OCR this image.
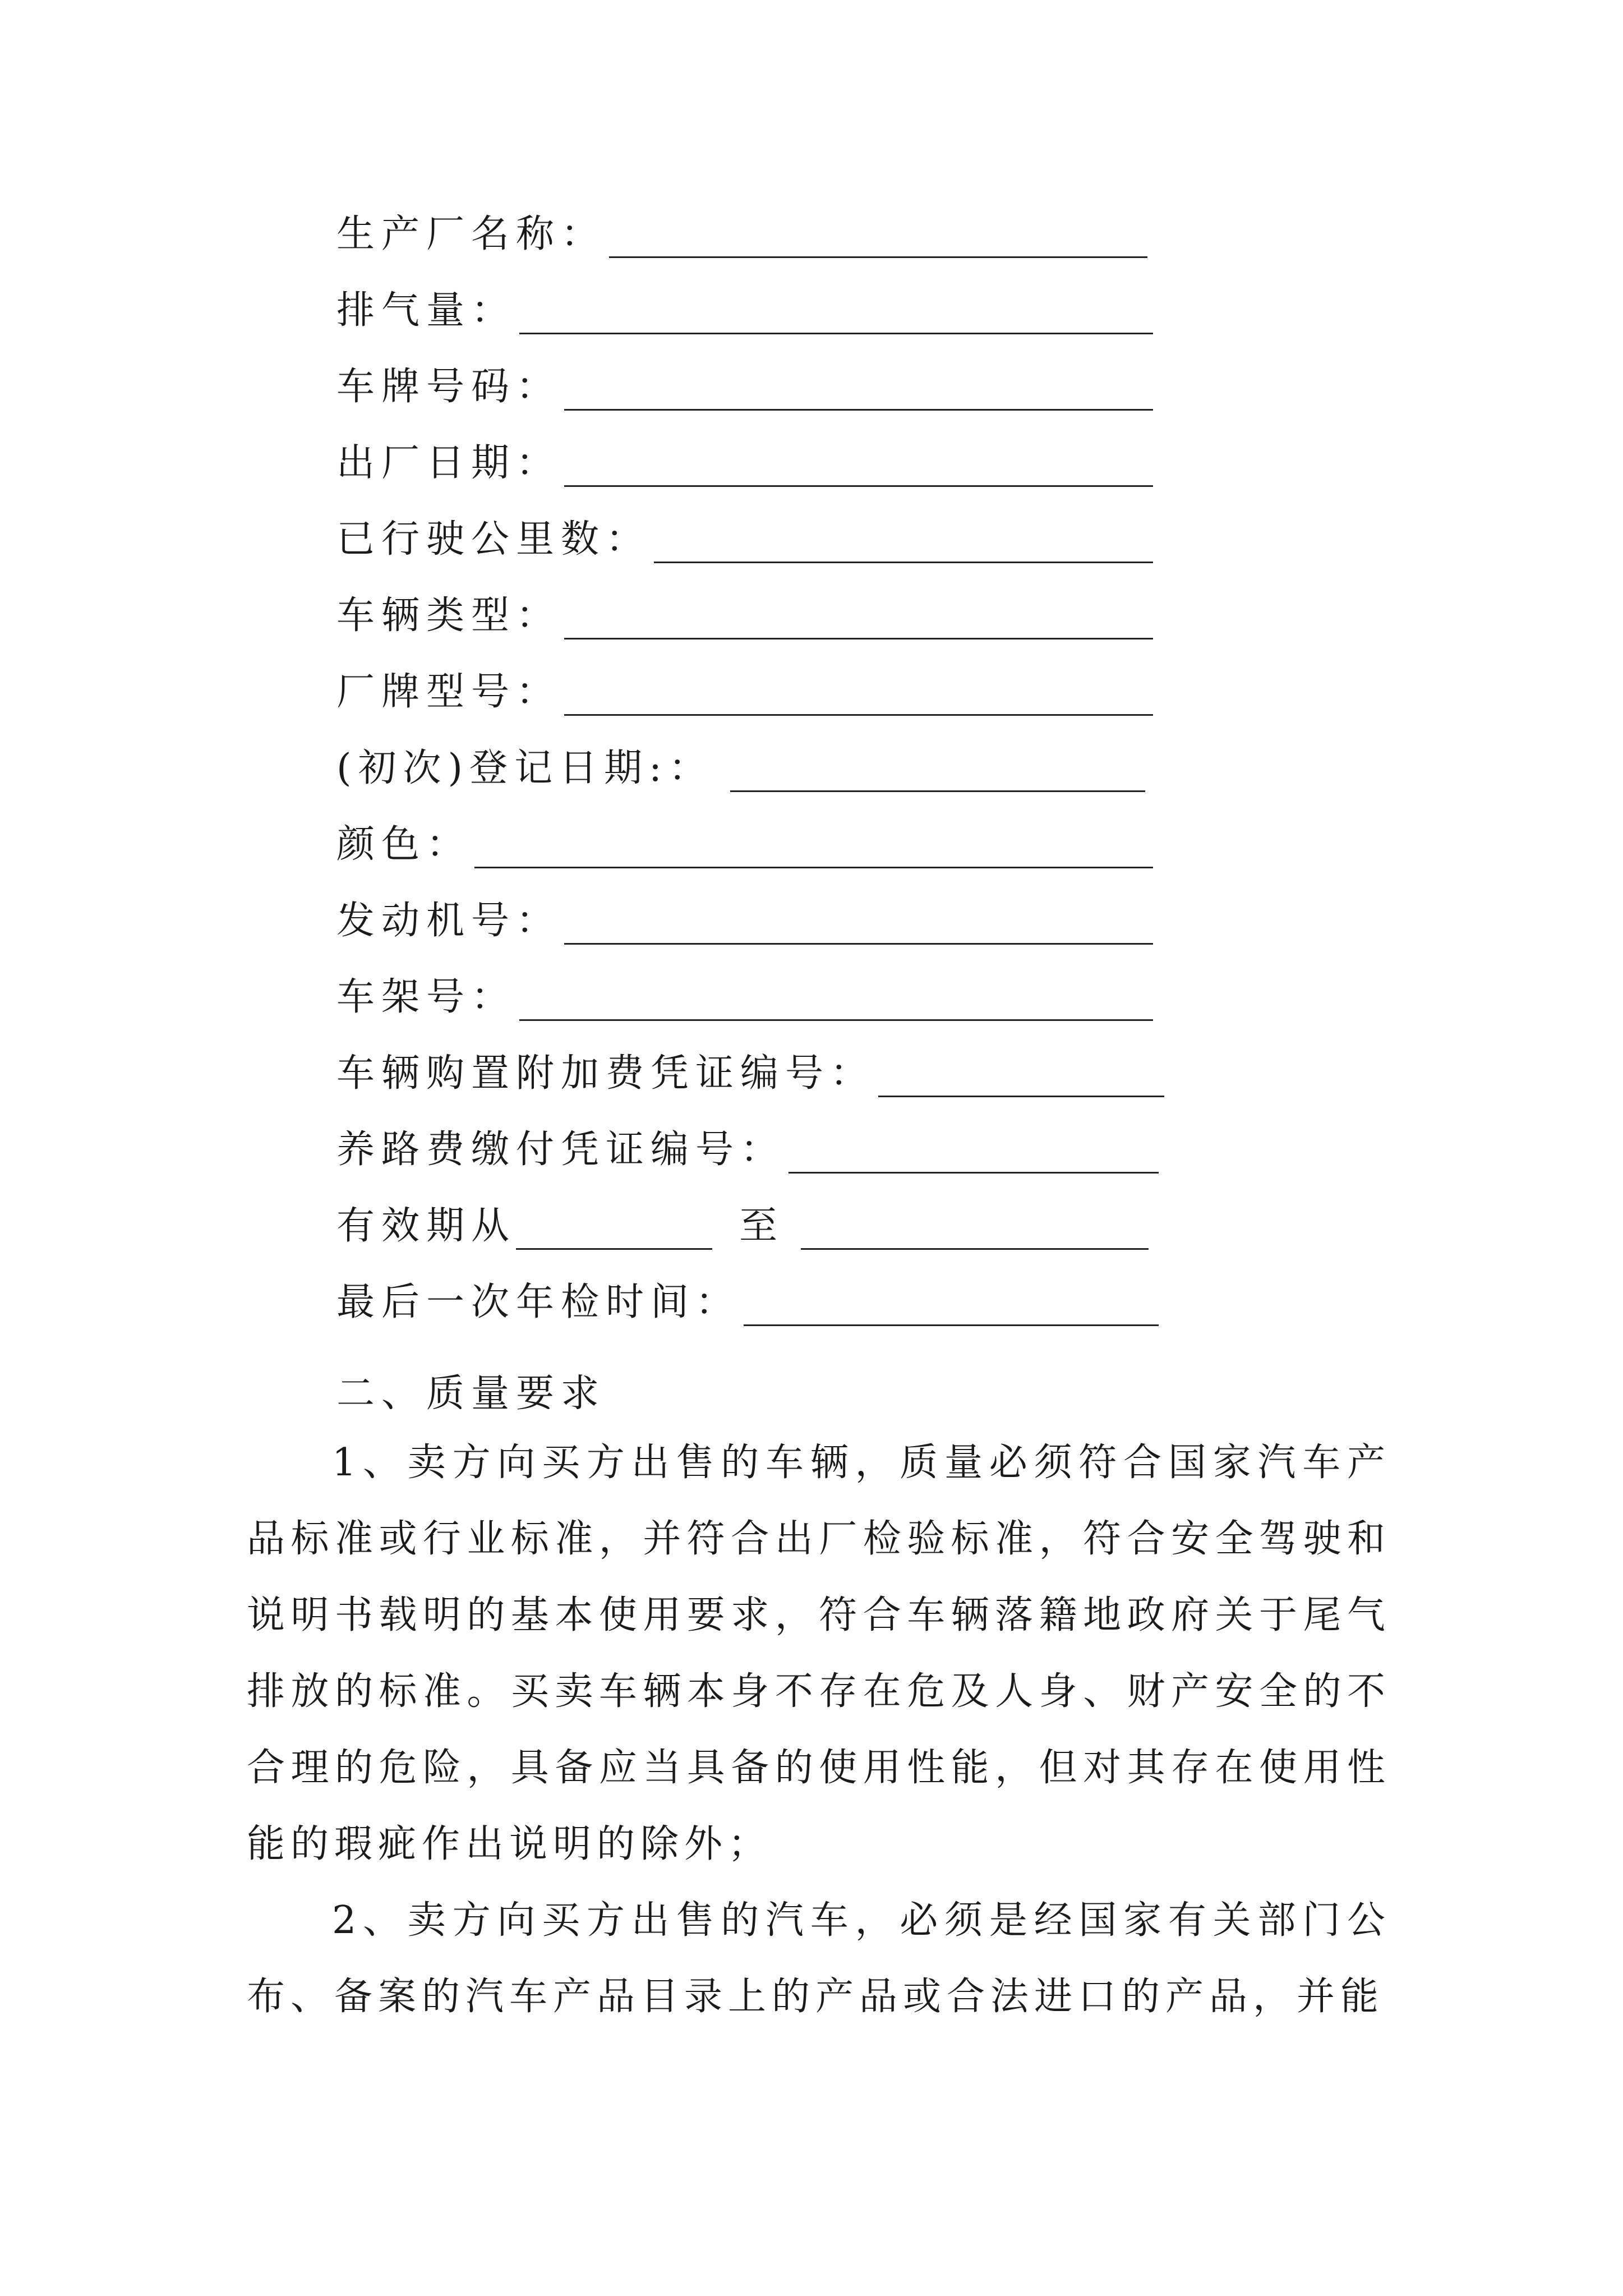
生产厂名称：
排气量：
车牌号码：
出厂日期：
已行驶公里数：
车辆类型：
厂牌型号：
(初次)登记日期:：
颜色：
发动机号：
车架号：
车辆购置附加费凭证编号：
养路费缴付凭证编号：
有效期从	至
最后一次年检时间：
二、质量要求

1、卖方向买方出售的车辆，质量必须符合国家汽车产品标准或行业标准，并符合出厂检验标准，符合安全驾驶和说明书载明的基本使用要求，符合车辆落籍地政府关于尾气排放的标准。买卖车辆本身不存在危及人身、财产安全的不合理的危险，具备应当具备的使用性能，但对其存在使用性能的瑕疵作出说明的除外；

2、卖方向买方出售的汽车，必须是经国家有关部门公布、备案的汽车产品目录上的产品或合法进口的产品，并能
